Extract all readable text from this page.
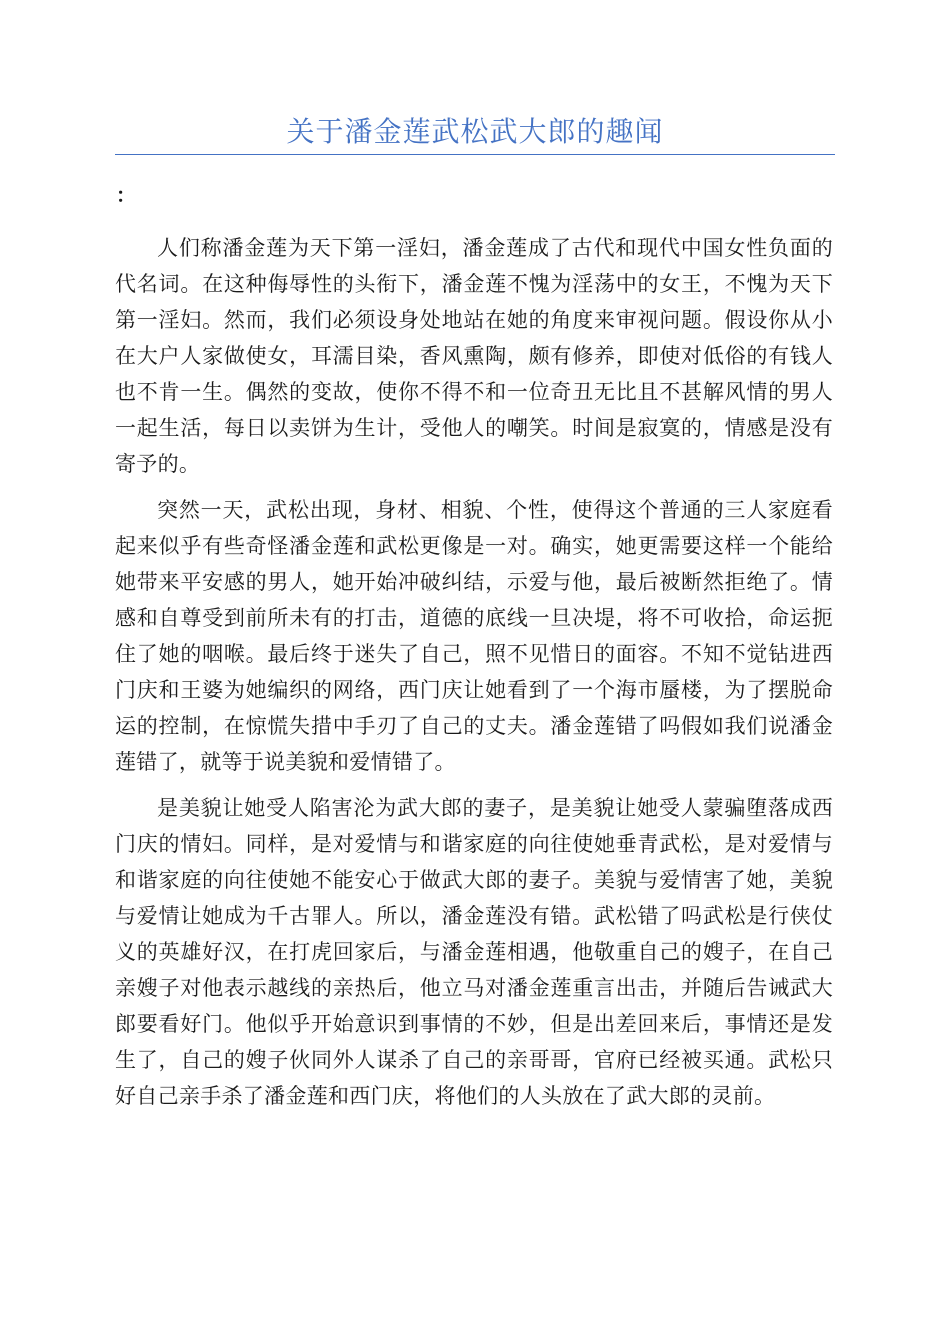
关于潘金莲武松武大郎的趣闻

：

人们称潘金莲为天下第一淫妇，潘金莲成了古代和现代中国女性负面的代名词。在这种侮辱性的头衔下，潘金莲不愧为淫荡中的女王，不愧为天下第一淫妇。然而，我们必须设身处地站在她的角度来审视问题。假设你从小在大户人家做使女，耳濡目染，香风熏陶，颇有修养，即使对低俗的有钱人也不肯一生。偶然的变故，使你不得不和一位奇丑无比且不甚解风情的男人一起生活，每日以卖饼为生计，受他人的嘲笑。时间是寂寞的，情感是没有寄予的。

突然一天，武松出现，身材、相貌、个性，使得这个普通的三人家庭看起来似乎有些奇怪潘金莲和武松更像是一对。确实，她更需要这样一个能给她带来平安感的男人，她开始冲破纠结，示爱与他，最后被断然拒绝了。情感和自尊受到前所未有的打击，道德的底线一旦决堤，将不可收拾，命运扼住了她的咽喉。最后终于迷失了自己，照不见惜日的面容。不知不觉钻进西门庆和王婆为她编织的网络，西门庆让她看到了一个海市蜃楼，为了摆脱命运的控制，在惊慌失措中手刃了自己的丈夫。潘金莲错了吗假如我们说潘金莲错了，就等于说美貌和爱情错了。

是美貌让她受人陷害沦为武大郎的妻子，是美貌让她受人蒙骗堕落成西门庆的情妇。同样，是对爱情与和谐家庭的向往使她垂青武松，是对爱情与和谐家庭的向往使她不能安心于做武大郎的妻子。美貌与爱情害了她，美貌与爱情让她成为千古罪人。所以，潘金莲没有错。武松错了吗武松是行侠仗义的英雄好汉，在打虎回家后，与潘金莲相遇，他敬重自己的嫂子，在自己亲嫂子对他表示越线的亲热后，他立马对潘金莲重言出击，并随后告诫武大郎要看好门。他似乎开始意识到事情的不妙，但是出差回来后，事情还是发生了，自己的嫂子伙同外人谋杀了自己的亲哥哥，官府已经被买通。武松只好自己亲手杀了潘金莲和西门庆，将他们的人头放在了武大郎的灵前。
